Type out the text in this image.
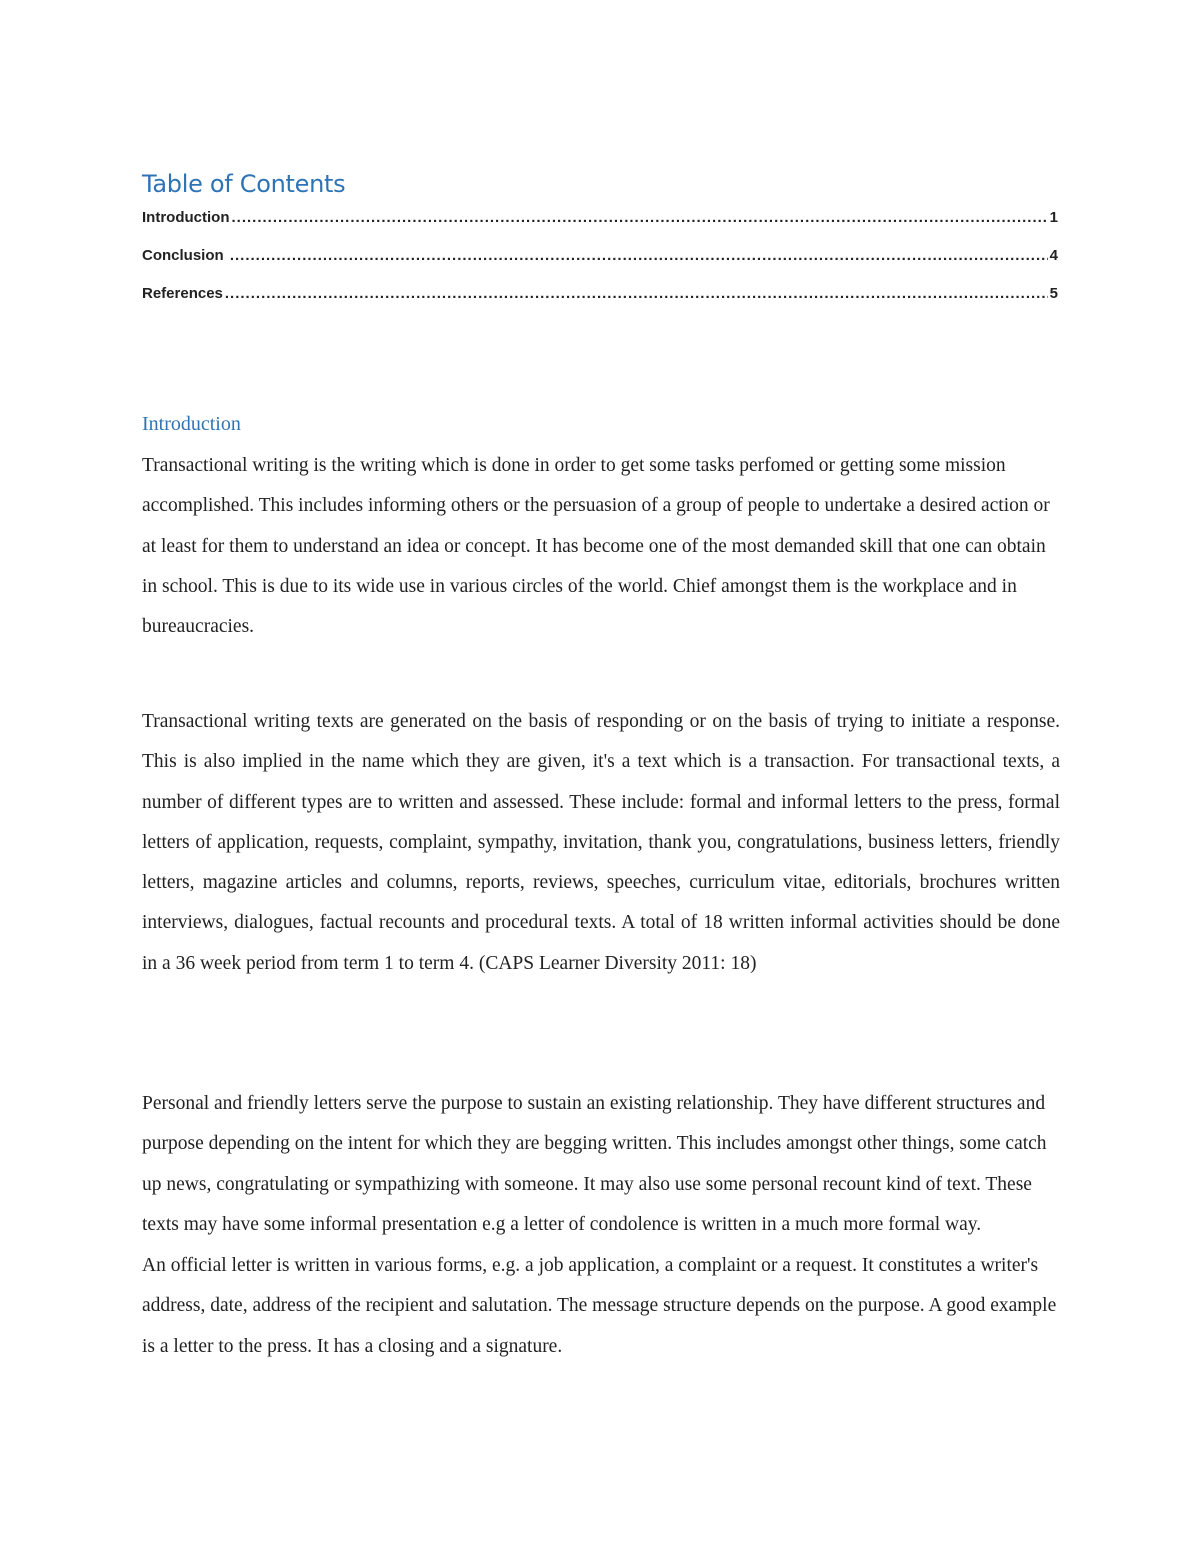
Table of Contents
Introduction .....	1
Conclusion .....	4
References .....	5
Introduction

Transactional writing is the writing which is done in order to get some tasks perfomed or getting some mission accomplished. This includes informing others or the persuasion of a group of people to undertake a desired action or at least for them to understand an idea or concept. It has become one of the most demanded skill that one can obtain in school. This is due to its wide use in various circles of the world. Chief amongst them is the workplace and in bureaucracies.

Transactional writing texts are generated on the basis of responding or on the basis of trying to initiate a response. This is also implied in the name which they are given, it's a text which is a transaction. For transactional texts, a number of different types are to written and assessed. These include: formal and informal letters to the press, formal letters of application, requests, complaint, sympathy, invitation, thank you, congratulations, business letters, friendly letters, magazine articles and columns, reports, reviews, speeches, curriculum vitae, editorials, brochures written interviews, dialogues, factual recounts and procedural texts. A total of 18 written informal activities should be done in a 36 week period from term 1 to term 4. (CAPS Learner Diversity 2011: 18)

Personal and friendly letters serve the purpose to sustain an existing relationship. They have different structures and purpose depending on the intent for which they are begging written. This includes amongst other things, some catch up news, congratulating or sympathizing with someone. It may also use some personal recount kind of text. These texts may have some informal presentation e.g a letter of condolence is written in a much more formal way.

An official letter is written in various forms, e.g. a job application, a complaint or a request. It constitutes a writer's address, date, address of the recipient and salutation. The message structure depends on the purpose. A good example is a letter to the press. It has a closing and a signature.
